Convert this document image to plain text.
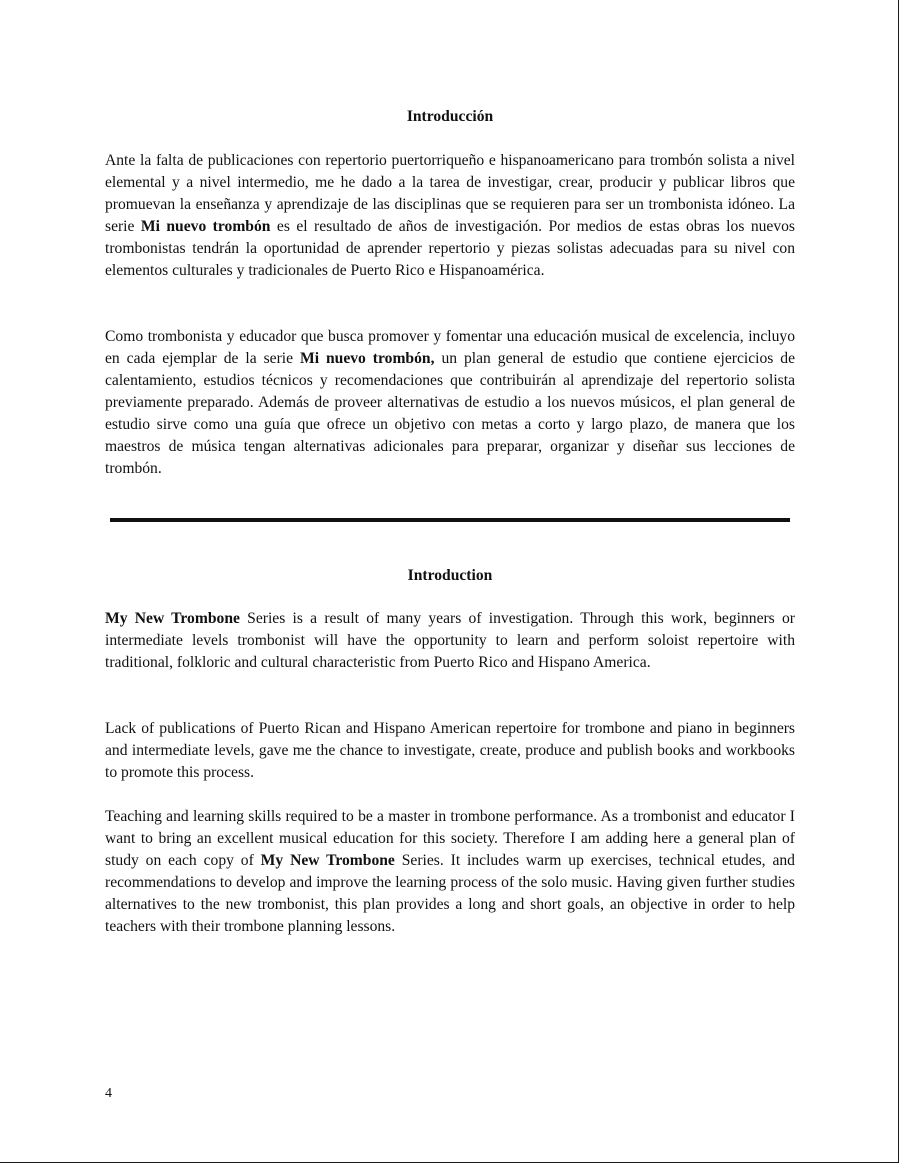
Introducción

Ante la falta de publicaciones con repertorio puertorriqueño e hispanoamericano para trombón solista a nivel elemental y a nivel intermedio, me he dado a la tarea de investigar, crear, producir y publicar libros que promuevan la enseñanza y aprendizaje de las disciplinas que se requieren para ser un trombonista idóneo. La serie Mi nuevo trombón es el resultado de años de investigación. Por medios de estas obras los nuevos trombonistas tendrán la oportunidad de aprender repertorio y piezas solistas adecuadas para su nivel con elementos culturales y tradicionales de Puerto Rico e Hispanoamérica.

Como trombonista y educador que busca promover y fomentar una educación musical de excelencia, incluyo en cada ejemplar de la serie Mi nuevo trombón, un plan general de estudio que contiene ejercicios de calentamiento, estudios técnicos y recomendaciones que contribuirán al aprendizaje del repertorio solista previamente preparado. Además de proveer alternativas de estudio a los nuevos músicos, el plan general de estudio sirve como una guía que ofrece un objetivo con metas a corto y largo plazo, de manera que los maestros de música tengan alternativas adicionales para preparar, organizar y diseñar sus lecciones de trombón.

Introduction

My New Trombone Series is a result of many years of investigation. Through this work, beginners or intermediate levels trombonist will have the opportunity to learn and perform soloist repertoire with traditional, folkloric and cultural characteristic from Puerto Rico and Hispano America.

Lack of publications of Puerto Rican and Hispano American repertoire for trombone and piano in beginners and intermediate levels, gave me the chance to investigate, create, produce and publish books and workbooks to promote this process.

Teaching and learning skills required to be a master in trombone performance. As a trombonist and educator I want to bring an excellent musical education for this society. Therefore I am adding here a general plan of study on each copy of My New Trombone Series. It includes warm up exercises, technical etudes, and recommendations to develop and improve the learning process of the solo music. Having given further studies alternatives to the new trombonist, this plan provides a long and short goals, an objective in order to help teachers with their trombone planning lessons.

4
